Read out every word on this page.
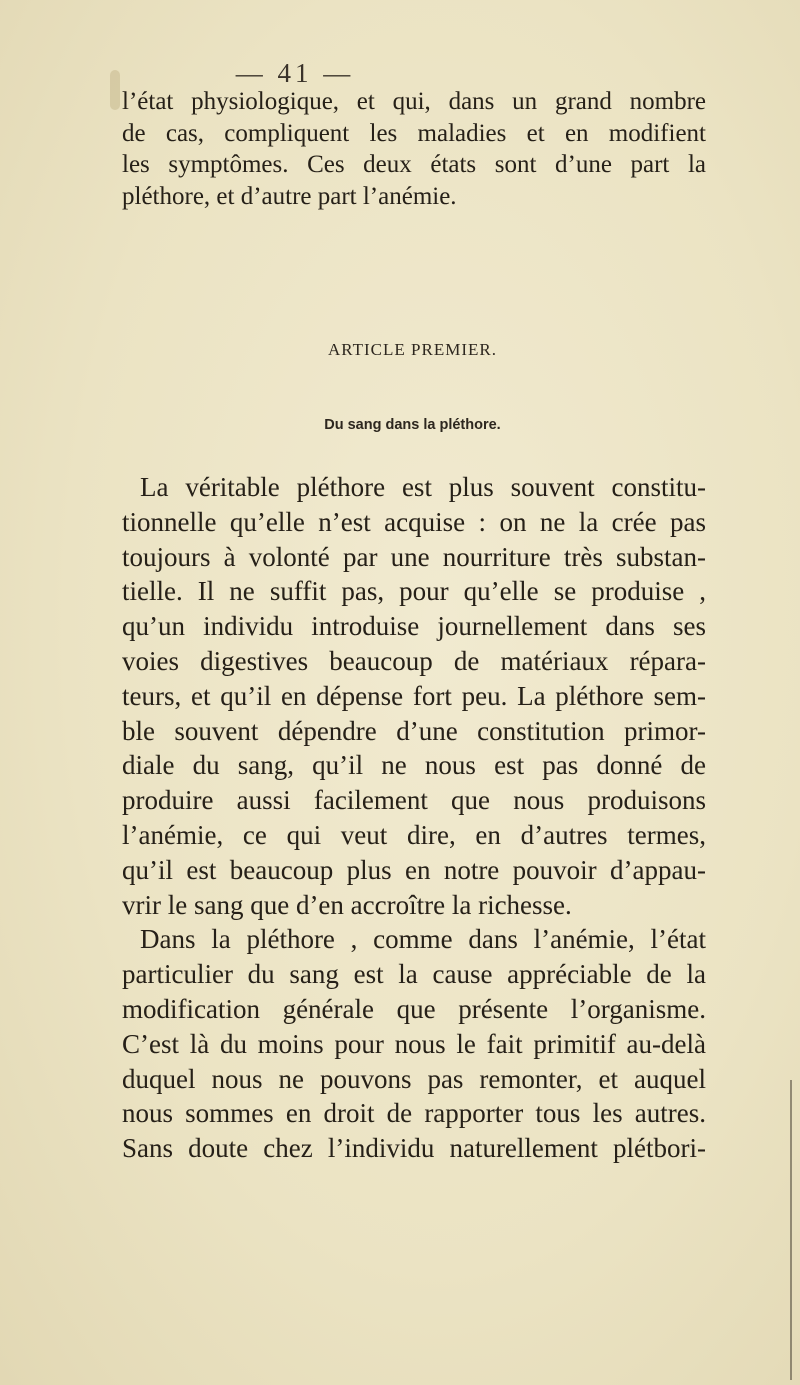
— 41 —
l’état physiologique, et qui, dans un grand nombre
de cas, compliquent les maladies et en modifient
les symptômes. Ces deux états sont d’une part la
pléthore, et d’autre part l’anémie.
ARTICLE PREMIER.
Du sang dans la pléthore.
La véritable pléthore est plus souvent constitu-
tionnelle qu’elle n’est acquise : on ne la crée pas
toujours à volonté par une nourriture très substan-
tielle. Il ne suffit pas, pour qu’elle se produise ,
qu’un individu introduise journellement dans ses
voies digestives beaucoup de matériaux répara-
teurs, et qu’il en dépense fort peu. La pléthore sem-
ble souvent dépendre d’une constitution primor-
diale du sang, qu’il ne nous est pas donné de
produire aussi facilement que nous produisons
l’anémie, ce qui veut dire, en d’autres termes,
qu’il est beaucoup plus en notre pouvoir d’appau-
vrir le sang que d’en accroître la richesse.
Dans la pléthore , comme dans l’anémie, l’état
particulier du sang est la cause appréciable de la
modification générale que présente l’organisme.
C’est là du moins pour nous le fait primitif au-delà
duquel nous ne pouvons pas remonter, et auquel
nous sommes en droit de rapporter tous les autres.
Sans doute chez l’individu naturellement plétbori-
